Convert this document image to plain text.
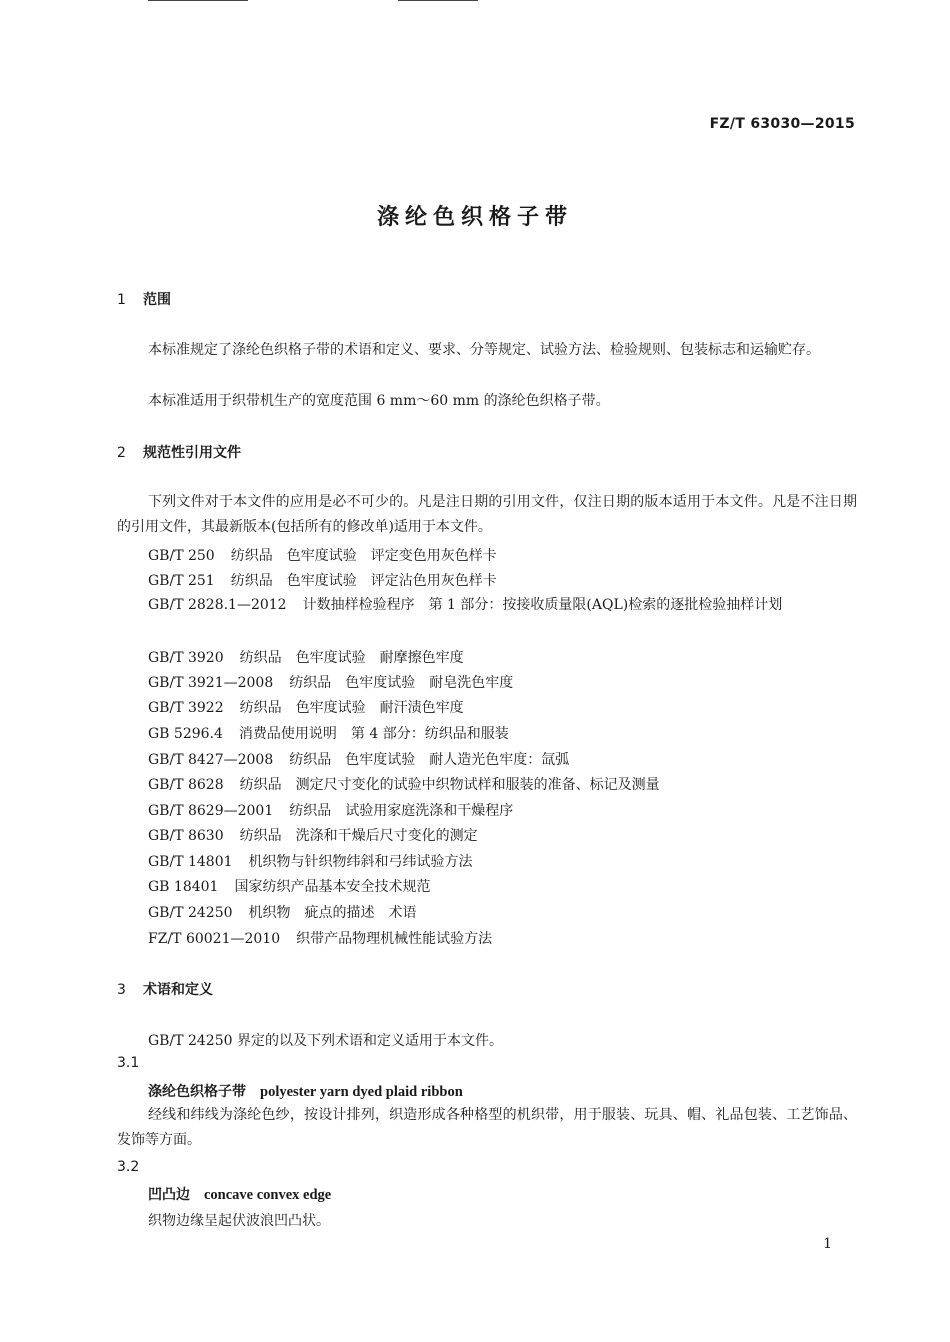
FZ/T 63030—2015
涤纶色织格子带
1 范围
本标准规定了涤纶色织格子带的术语和定义、要求、分等规定、试验方法、检验规则、包装标志和运输贮存。
本标准适用于织带机生产的宽度范围 6 mm～60 mm 的涤纶色织格子带。
2 规范性引用文件
下列文件对于本文件的应用是必不可少的。凡是注日期的引用文件，仅注日期的版本适用于本文件。凡是不注日期的引用文件，其最新版本(包括所有的修改单)适用于本文件。
GB/T 250 纺织品　色牢度试验　评定变色用灰色样卡
GB/T 251 纺织品　色牢度试验　评定沾色用灰色样卡
GB/T 2828.1—2012 计数抽样检验程序　第 1 部分：按接收质量限(AQL)检索的逐批检验抽样计划
GB/T 3920 纺织品　色牢度试验　耐摩擦色牢度
GB/T 3921—2008 纺织品　色牢度试验　耐皂洗色牢度
GB/T 3922 纺织品　色牢度试验　耐汗渍色牢度
GB 5296.4 消费品使用说明　第 4 部分：纺织品和服装
GB/T 8427—2008 纺织品　色牢度试验　耐人造光色牢度：氙弧
GB/T 8628 纺织品　测定尺寸变化的试验中织物试样和服装的准备、标记及测量
GB/T 8629—2001 纺织品　试验用家庭洗涤和干燥程序
GB/T 8630 纺织品　洗涤和干燥后尺寸变化的测定
GB/T 14801 机织物与针织物纬斜和弓纬试验方法
GB 18401 国家纺织产品基本安全技术规范
GB/T 24250 机织物　疵点的描述　术语
FZ/T 60021—2010 织带产品物理机械性能试验方法
3 术语和定义
GB/T 24250 界定的以及下列术语和定义适用于本文件。
3.1
涤纶色织格子带 polyester yarn dyed plaid ribbon
经线和纬线为涤纶色纱，按设计排列，织造形成各种格型的机织带，用于服装、玩具、帽、礼品包装、工艺饰品、发饰等方面。
3.2
凹凸边 concave convex edge
织物边缘呈起伏波浪凹凸状。
1
